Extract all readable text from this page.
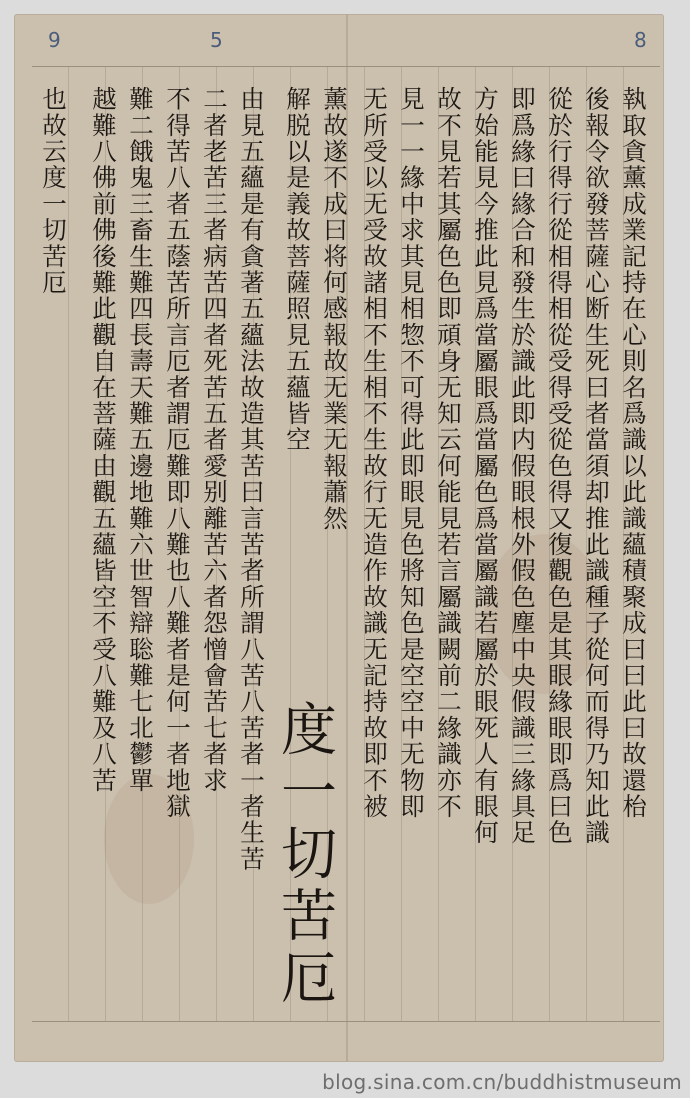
9	5	8
執取貪薰成業記持在心則名爲識以此識蘊積聚成曰曰此曰故還枱
後報令欲發菩薩心断生死曰者當須却推此識種子從何而得乃知此識
從於行得行從相得相從受得受從色得又復觀色是其眼緣眼即爲曰色
即爲緣曰緣合和發生於識此即内假眼根外假色塵中央假識三緣具足
方始能見今推此見爲當屬眼爲當屬色爲當屬識若屬於眼死人有眼何
故不見若其屬色色即頑身无知云何能見若言屬識闕前二緣識亦不
見一一緣中求其見相惣不可得此即眼見色將知色是空空中无物即
无所受以无受故諸相不生相不生故行无造作故識无記持故即不被
薰故遂不成曰将何感報故无業无報蕭然
解脱以是義故菩薩照見五蘊皆空
由見五蘊是有貪著五蘊法故造其苦曰言苦者所謂八苦八苦者一者生苦
二者老苦三者病苦四者死苦五者愛别離苦六者怨憎會苦七者求
不得苦八者五蔭苦所言厄者謂厄難即八難也八難者是何一者地獄
難二餓鬼三畜生難四長壽天難五邊地難六世智辯聡難七北鬱單
越難八佛前佛後難此觀自在菩薩由觀五蘊皆空不受八難及八苦
也故云度一切苦厄
度一切苦厄
blog.sina.com.cn/buddhistmuseum
